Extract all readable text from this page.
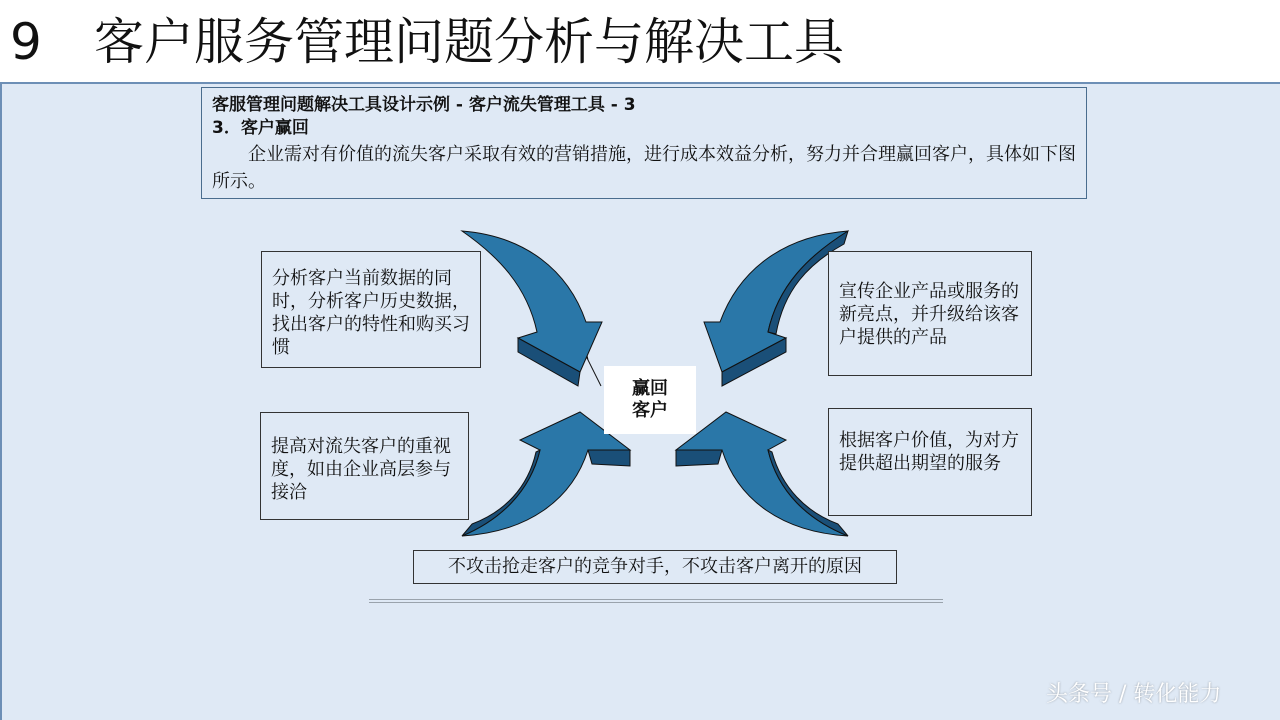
9 客户服务管理问题分析与解决工具
客服管理问题解决工具设计示例 - 客户流失管理工具 - 3
3．客户赢回
企业需对有价值的流失客户采取有效的营销措施，进行成本效益分析，努力并合理赢回客户，具体如下图所示。
分析客户当前数据的同时，分析客户历史数据，找出客户的特性和购买习惯
宣传企业产品或服务的新亮点，并升级给该客户提供的产品
提高对流失客户的重视度，如由企业高层参与接洽
根据客户价值，为对方提供超出期望的服务
赢回
客户
不攻击抢走客户的竞争对手，不攻击客户离开的原因
头条号 / 转化能力
